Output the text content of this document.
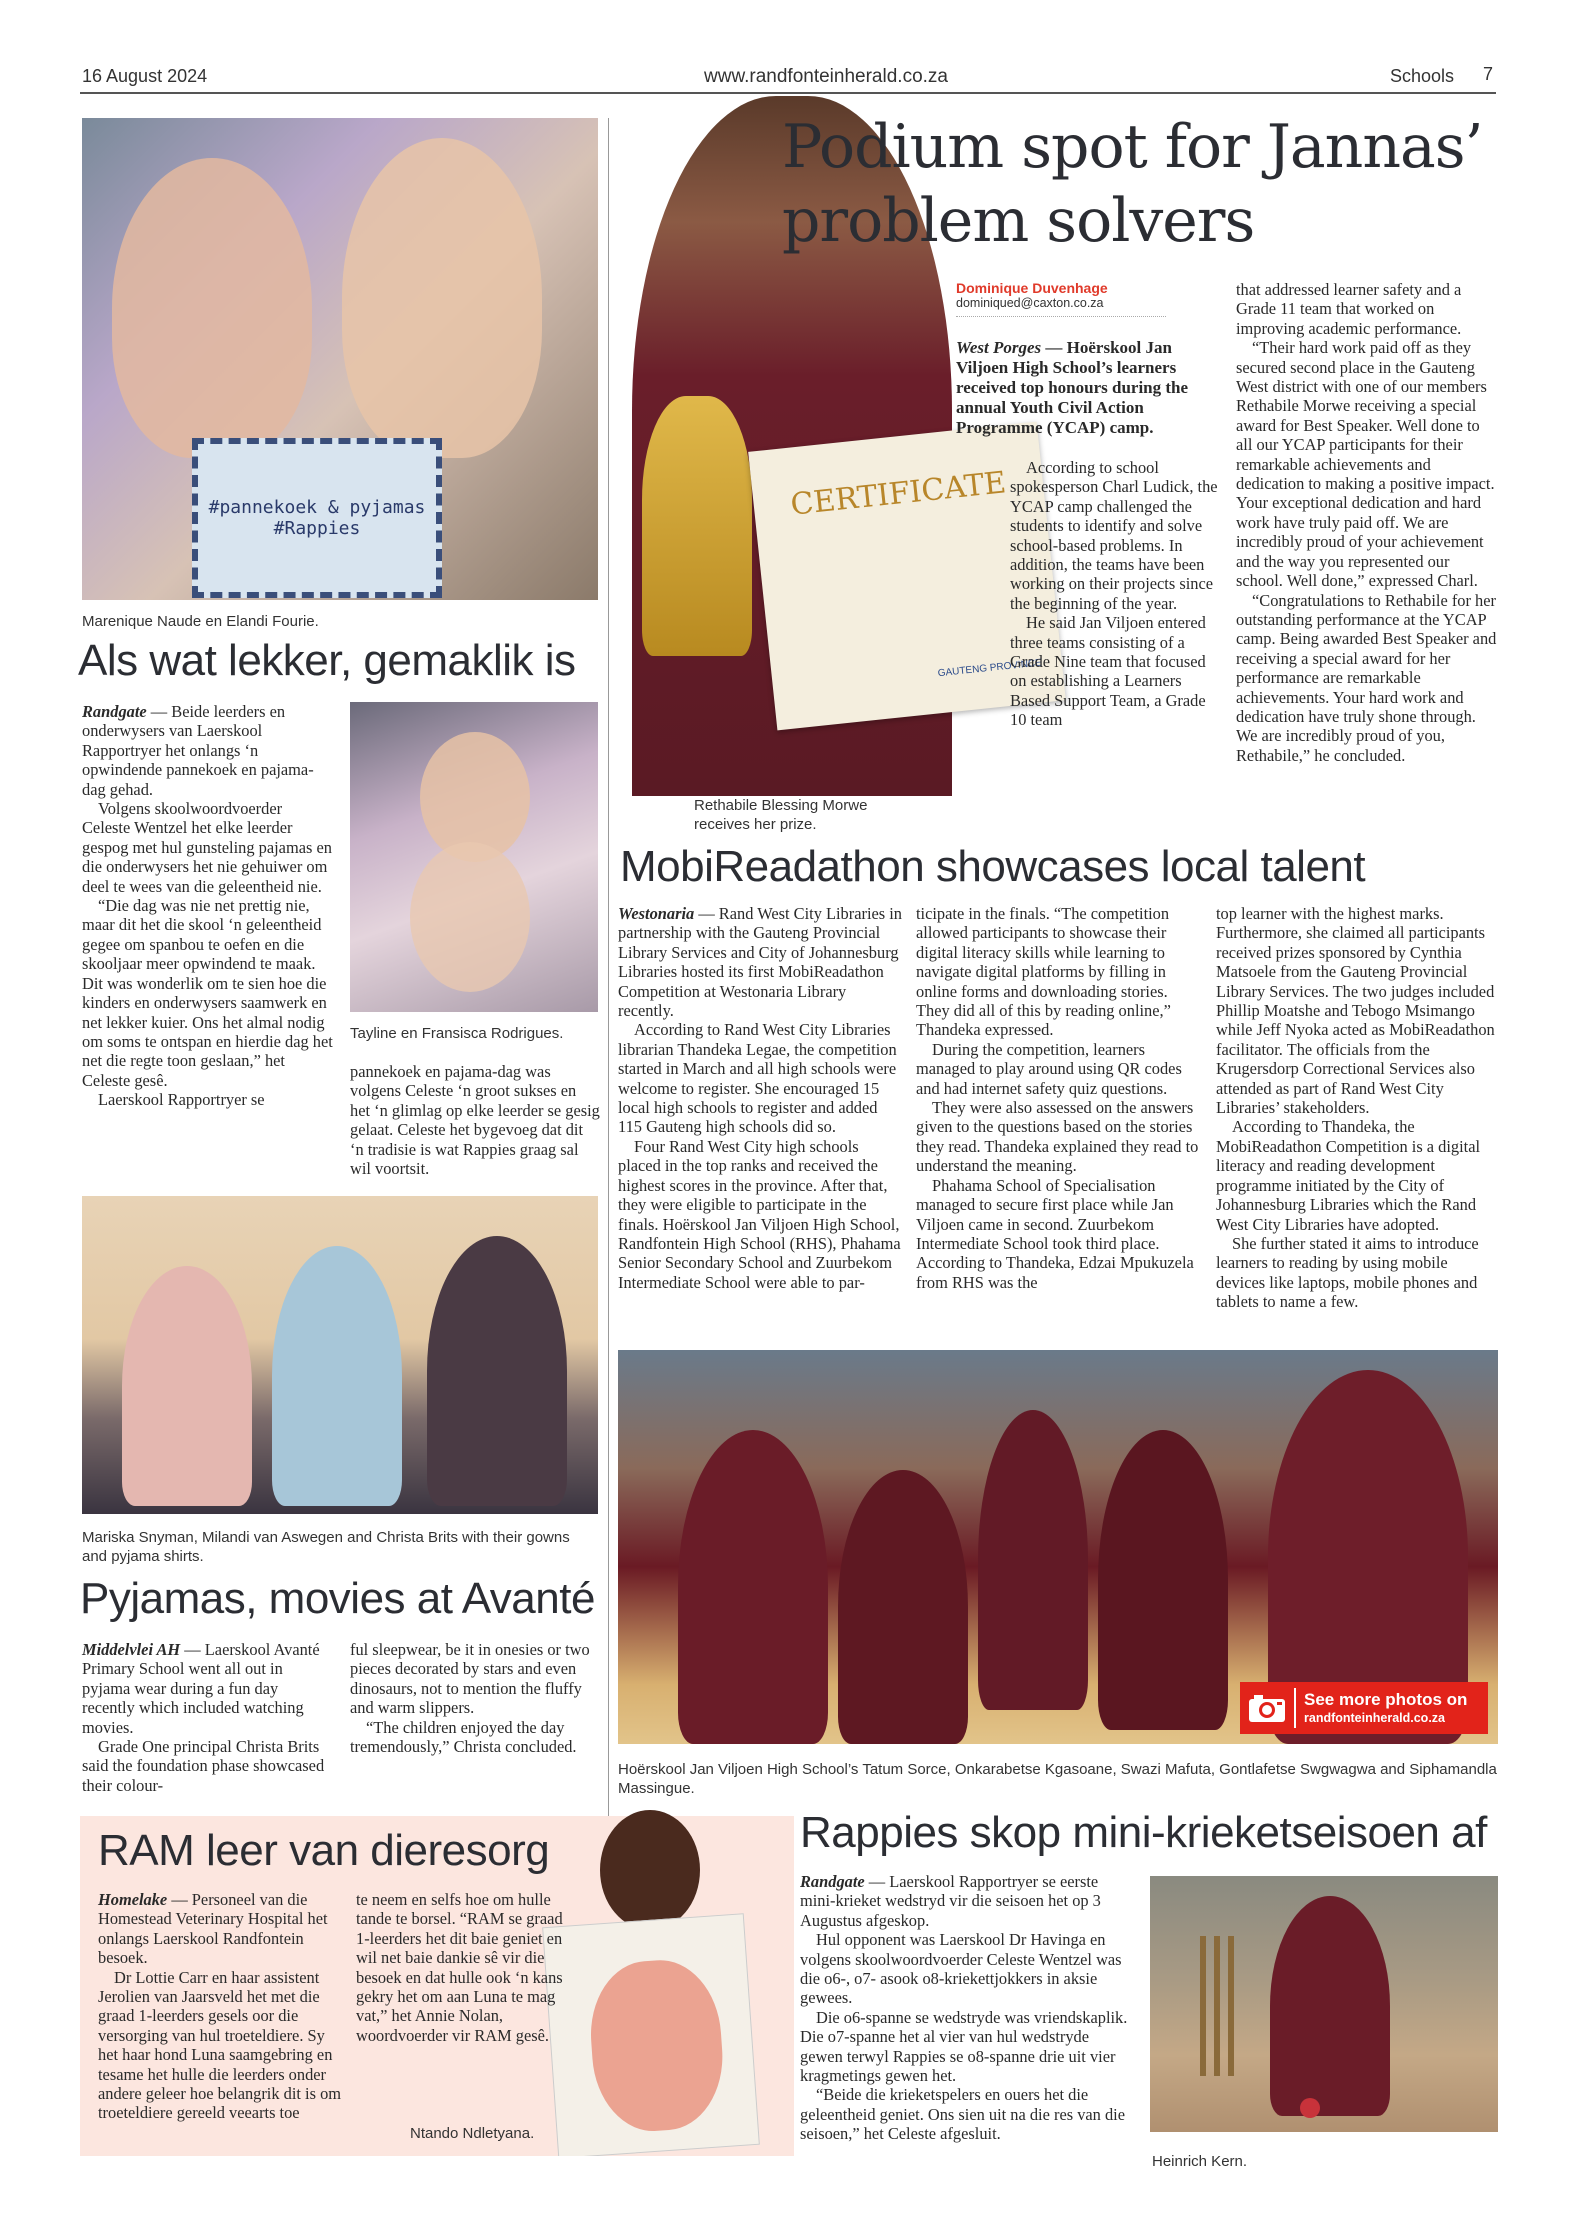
16 August 2024	www.randfonteinherald.co.za	Schools 7
#pannekoek & pyjamas #Rappies
Marenique Naude en Elandi Fourie.
Als wat lekker, gemaklik is

Randgate — Beide leerders en onderwysers van Laerskool Rapportryer het onlangs ‘n opwindende pannekoek en pajama-dag gehad.

Volgens skoolwoordvoerder Celeste Wentzel het elke leerder gespog met hul gunsteling pajamas en die onderwysers het nie gehuiwer om deel te wees van die geleentheid nie.

“Die dag was nie net prettig nie, maar dit het die skool ‘n geleentheid gegee om spanbou te oefen en die skooljaar meer opwindend te maak. Dit was wonderlik om te sien hoe die kinders en onderwysers saamwerk en net lekker kuier. Ons het almal nodig om soms te ontspan en hierdie dag het net die regte toon geslaan,” het Celeste gesê.

Laerskool Rapportryer se

Tayline en Fransisca Rodrigues.

pannekoek en pajama-dag was volgens Celeste ‘n groot sukses en het ‘n glimlag op elke leerder se gesig gelaat. Celeste het bygevoeg dat dit ‘n tradisie is wat Rappies graag sal wil voortsit.

Mariska Snyman, Milandi van Aswegen and Christa Brits with their gowns and pyjama shirts.
Pyjamas, movies at Avanté

Middelvlei AH — Laerskool Avanté Primary School went all out in pyjama wear during a fun day recently which included watching movies.

Grade One principal Christa Brits said the foundation phase showcased their colour-

ful sleepwear, be it in onesies or two pieces decorated by stars and even dinosaurs, not to mention the fluffy and warm slippers.

“The children enjoyed the day tremendously,” Christa concluded.

CERTIFICATE
GAUTENG PROVINCE
Podium spot for Jannas’
problem solvers
Dominique Duvenhage
dominiqued@caxton.co.za
West Porges — Hoërskool Jan Viljoen High School’s learners received top honours during the annual Youth Civil Action Programme (YCAP) camp.

According to school spokesperson Charl Ludick, the YCAP camp challenged the students to identify and solve school-based problems. In addition, the teams have been working on their projects since the beginning of the year.

He said Jan Viljoen entered three teams consisting of a Grade Nine team that focused on establishing a Learners Based Support Team, a Grade 10 team

that addressed learner safety and a Grade 11 team that worked on improving academic performance.

“Their hard work paid off as they secured second place in the Gauteng West district with one of our members Rethabile Morwe receiving a special award for Best Speaker. Well done to all our YCAP participants for their remarkable achievements and dedication to making a positive impact. Your exceptional dedication and hard work have truly paid off. We are incredibly proud of your achievement and the way you represented our school. Well done,” expressed Charl.

“Congratulations to Rethabile for her outstanding performance at the YCAP camp. Being awarded Best Speaker and receiving a special award for her performance are remarkable achievements. Your hard work and dedication have truly shone through. We are incredibly proud of you, Rethabile,” he concluded.

Rethabile Blessing Morwe receives her prize.
MobiReadathon showcases local talent

Westonaria — Rand West City Libraries in partnership with the Gauteng Provincial Library Services and City of Johannesburg Libraries hosted its first MobiReadathon Competition at Westonaria Library recently.

According to Rand West City Libraries librarian Thandeka Legae, the competition started in March and all high schools were welcome to register. She encouraged 15 local high schools to register and added 115 Gauteng high schools did so.

Four Rand West City high schools placed in the top ranks and received the highest scores in the province. After that, they were eligible to participate in the finals. Hoërskool Jan Viljoen High School, Randfontein High School (RHS), Phahama Senior Secondary School and Zuurbekom Intermediate School were able to par-

ticipate in the finals. “The competition allowed participants to showcase their digital literacy skills while learning to navigate digital platforms by filling in online forms and downloading stories. They did all of this by reading online,” Thandeka expressed.

During the competition, learners managed to play around using QR codes and had internet safety quiz questions.

They were also assessed on the answers given to the questions based on the stories they read. Thandeka explained they read to understand the meaning.

Phahama School of Specialisation managed to secure first place while Jan Viljoen came in second. Zuurbekom Intermediate School took third place. According to Thandeka, Edzai Mpukuzela from RHS was the

top learner with the highest marks. Furthermore, she claimed all participants received prizes sponsored by Cynthia Matsoele from the Gauteng Provincial Library Services. The two judges included Phillip Moatshe and Tebogo Msimango while Jeff Nyoka acted as MobiReadathon facilitator. The officials from the Krugersdorp Correctional Services also attended as part of Rand West City Libraries’ stakeholders.

According to Thandeka, the MobiReadathon Competition is a digital literacy and reading development programme initiated by the City of Johannesburg Libraries which the Rand West City Libraries have adopted.

She further stated it aims to introduce learners to reading by using mobile devices like laptops, mobile phones and tablets to name a few.

See more photos on
randfonteinherald.co.za
Hoërskool Jan Viljoen High School’s Tatum Sorce, Onkarabetse Kgasoane, Swazi Mafuta, Gontlafetse Swgwagwa and Siphamandla Massingue.
RAM leer van dieresorg

Homelake — Personeel van die Homestead Veterinary Hospital het onlangs Laerskool Randfontein besoek.

Dr Lottie Carr en haar assistent Jerolien van Jaarsveld het met die graad 1-leerders gesels oor die versorging van hul troeteldiere. Sy het haar hond Luna saamgebring en tesame het hulle die leerders onder andere geleer hoe belangrik dit is om troeteldiere gereeld veearts toe

te neem en selfs hoe om hulle tande te borsel. “RAM se graad 1-leerders het dit baie geniet en wil net baie dankie sê vir die besoek en dat hulle ook ‘n kans gekry het om aan Luna te mag vat,” het Annie Nolan, woordvoerder vir RAM gesê.

Ntando Ndletyana.
Rappies skop mini-krieketseisoen af

Randgate — Laerskool Rapportryer se eerste mini-krieket wedstryd vir die seisoen het op 3 Augustus afgeskop.

Hul opponent was Laerskool Dr Havinga en volgens skoolwoordvoerder Celeste Wentzel was die o6-, o7- asook o8-kriekettjokkers in aksie gewees.

Die o6-spanne se wedstryde was vriendskaplik. Die o7-spanne het al vier van hul wedstryde gewen terwyl Rappies se o8-spanne drie uit vier kragmetings gewen het.

“Beide die krieketspelers en ouers het die geleentheid geniet. Ons sien uit na die res van die seisoen,” het Celeste afgesluit.

Heinrich Kern.
